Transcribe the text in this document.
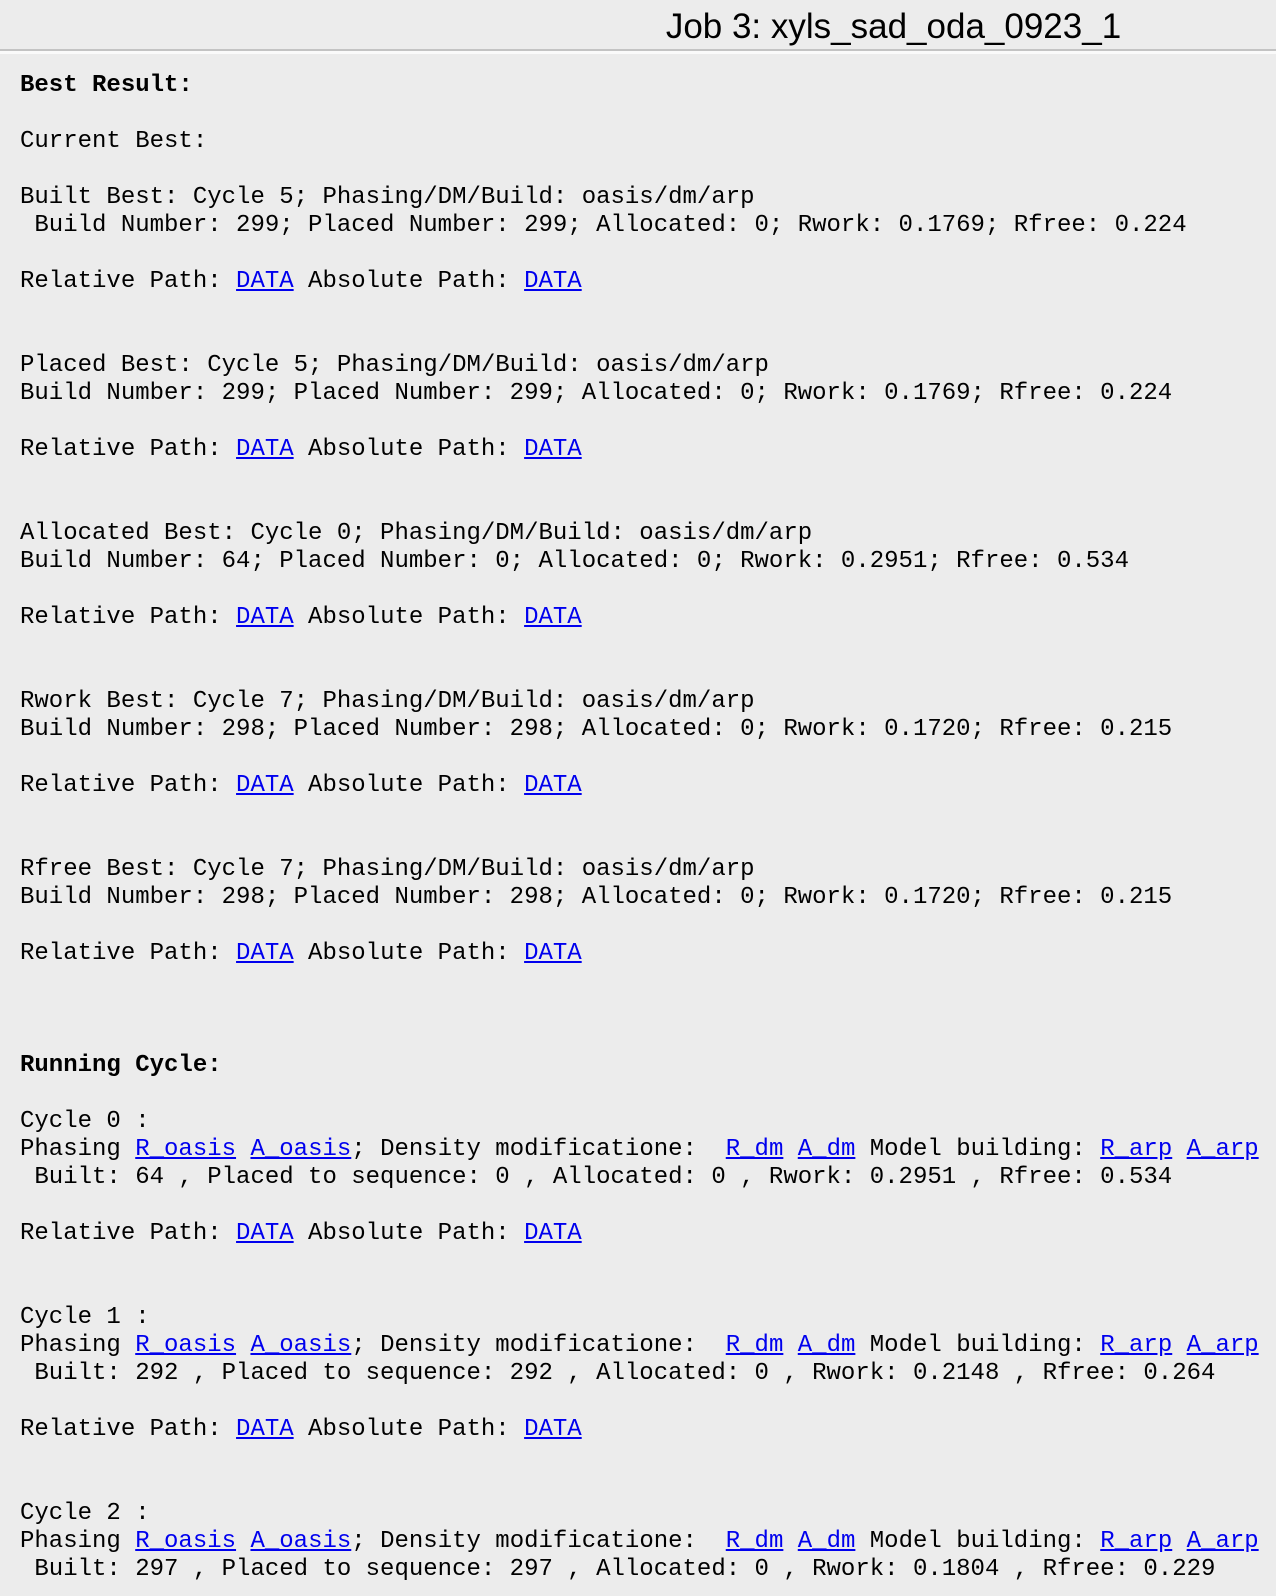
Job 3: xyls_sad_oda_0923_1
Best Result:
Current Best:
Built Best: Cycle 5; Phasing/DM/Build: oasis/dm/arp
Build Number: 299; Placed Number: 299; Allocated: 0; Rwork: 0.1769; Rfree: 0.224
Relative Path: DATA Absolute Path: DATA
Placed Best: Cycle 5; Phasing/DM/Build: oasis/dm/arp
Build Number: 299; Placed Number: 299; Allocated: 0; Rwork: 0.1769; Rfree: 0.224
Relative Path: DATA Absolute Path: DATA
Allocated Best: Cycle 0; Phasing/DM/Build: oasis/dm/arp
Build Number: 64; Placed Number: 0; Allocated: 0; Rwork: 0.2951; Rfree: 0.534
Relative Path: DATA Absolute Path: DATA
Rwork Best: Cycle 7; Phasing/DM/Build: oasis/dm/arp
Build Number: 298; Placed Number: 298; Allocated: 0; Rwork: 0.1720; Rfree: 0.215
Relative Path: DATA Absolute Path: DATA
Rfree Best: Cycle 7; Phasing/DM/Build: oasis/dm/arp
Build Number: 298; Placed Number: 298; Allocated: 0; Rwork: 0.1720; Rfree: 0.215
Relative Path: DATA Absolute Path: DATA
Running Cycle:
Cycle 0 :
Phasing R_oasis A_oasis; Density modificatione:  R_dm A_dm Model building: R_arp A_arp
Built: 64 , Placed to sequence: 0 , Allocated: 0 , Rwork: 0.2951 , Rfree: 0.534
Relative Path: DATA Absolute Path: DATA
Cycle 1 :
Phasing R_oasis A_oasis; Density modificatione:  R_dm A_dm Model building: R_arp A_arp
Built: 292 , Placed to sequence: 292 , Allocated: 0 , Rwork: 0.2148 , Rfree: 0.264
Relative Path: DATA Absolute Path: DATA
Cycle 2 :
Phasing R_oasis A_oasis; Density modificatione:  R_dm A_dm Model building: R_arp A_arp
Built: 297 , Placed to sequence: 297 , Allocated: 0 , Rwork: 0.1804 , Rfree: 0.229
